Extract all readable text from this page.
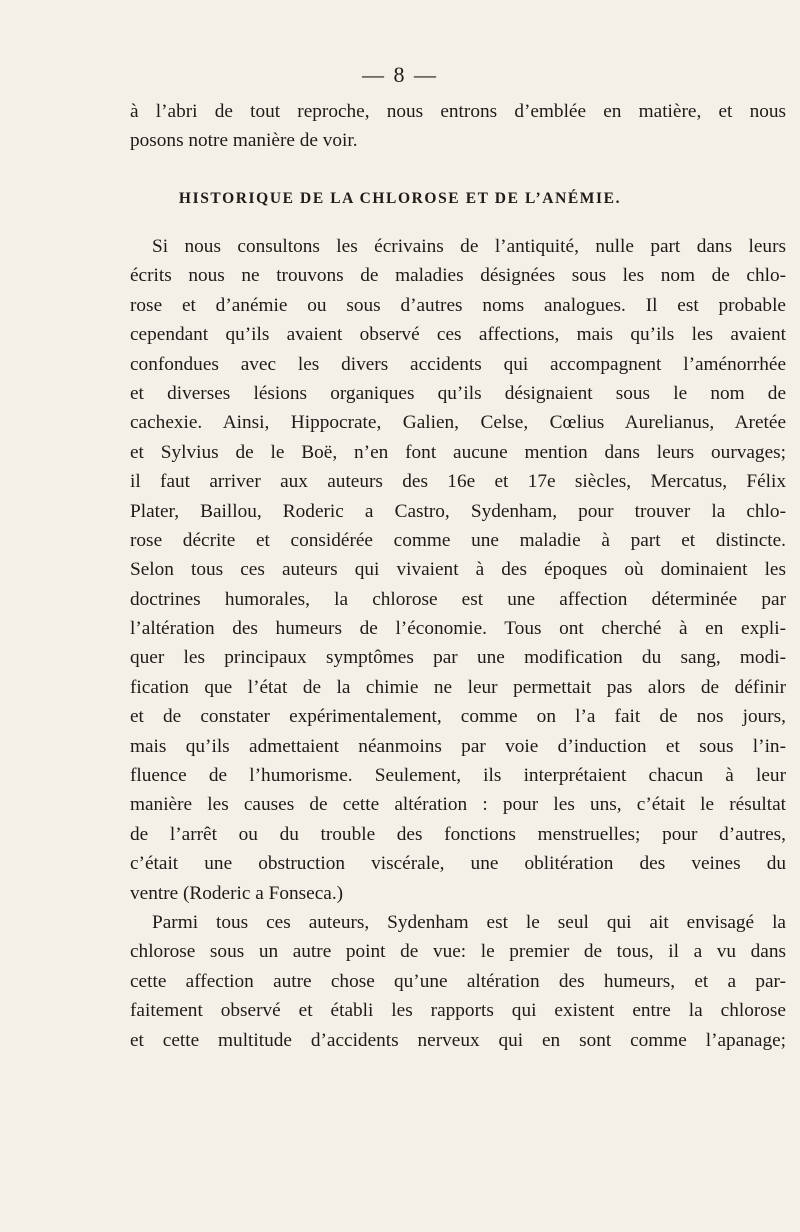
— 8 —
à l’abri de tout reproche, nous entrons d’emblée en matière, et nous
posons notre manière de voir.
HISTORIQUE DE LA CHLOROSE ET DE L’ANÉMIE.
Si nous consultons les écrivains de l’antiquité, nulle part dans leurs
écrits nous ne trouvons de maladies désignées sous les nom de chlo-
rose et d’anémie ou sous d’autres noms analogues. Il est probable
cependant qu’ils avaient observé ces affections, mais qu’ils les avaient
confondues avec les divers accidents qui accompagnent l’aménorrhée
et diverses lésions organiques qu’ils désignaient sous le nom de
cachexie. Ainsi, Hippocrate, Galien, Celse, Cœlius Aurelianus, Aretée
et Sylvius de le Boë, n’en font aucune mention dans leurs ourvages;
il faut arriver aux auteurs des 16e et 17e siècles, Mercatus, Félix
Plater, Baillou, Roderic a Castro, Sydenham, pour trouver la chlo-
rose décrite et considérée comme une maladie à part et distincte.
Selon tous ces auteurs qui vivaient à des époques où dominaient les
doctrines humorales, la chlorose est une affection déterminée par
l’altération des humeurs de l’économie. Tous ont cherché à en expli-
quer les principaux symptômes par une modification du sang, modi-
fication que l’état de la chimie ne leur permettait pas alors de définir
et de constater expérimentalement, comme on l’a fait de nos jours,
mais qu’ils admettaient néanmoins par voie d’induction et sous l’in-
fluence de l’humorisme. Seulement, ils interprétaient chacun à leur
manière les causes de cette altération : pour les uns, c’était le résultat
de l’arrêt ou du trouble des fonctions menstruelles; pour d’autres,
c’était une obstruction viscérale, une oblitération des veines du
ventre (Roderic a Fonseca.)
Parmi tous ces auteurs, Sydenham est le seul qui ait envisagé la
chlorose sous un autre point de vue: le premier de tous, il a vu dans
cette affection autre chose qu’une altération des humeurs, et a par-
faitement observé et établi les rapports qui existent entre la chlorose
et cette multitude d’accidents nerveux qui en sont comme l’apanage;
